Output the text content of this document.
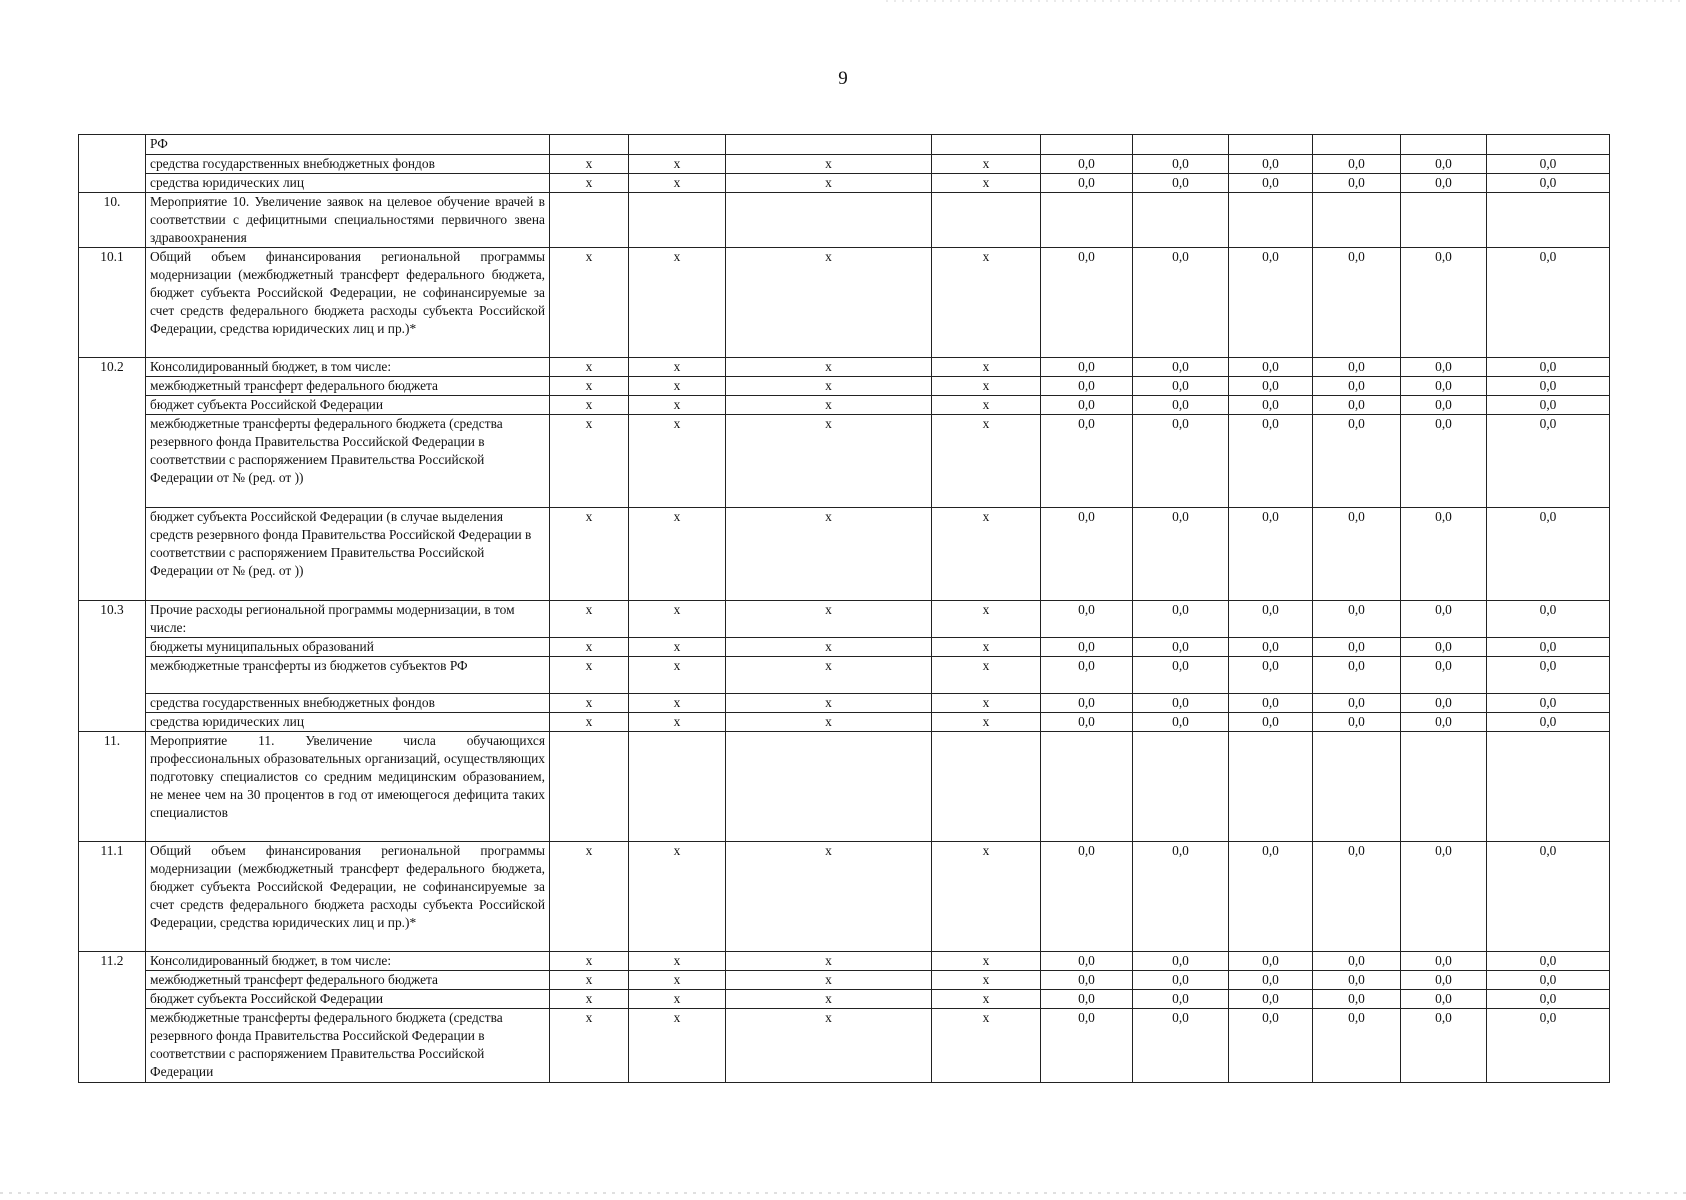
9
	РФ										
	средства государственных внебюджетных фондов	x	x	x	x	0,0	0,0	0,0	0,0	0,0	0,0
	средства юридических лиц	x	x	x	x	0,0	0,0	0,0	0,0	0,0	0,0
10.	Мероприятие 10. Увеличение заявок на целевое обучение врачей в соответствии с дефицитными специальностями первичного звена здравоохранения										
10.1	Общий объем финансирования региональной программы модернизации (межбюджетный трансферт федерального бюджета, бюджет субъекта Российской Федерации, не софинансируемые за счет средств федерального бюджета расходы субъекта Российской Федерации, средства юридических лиц и пр.)*	x	x	x	x	0,0	0,0	0,0	0,0	0,0	0,0
10.2	Консолидированный бюджет, в том числе:	x	x	x	x	0,0	0,0	0,0	0,0	0,0	0,0
	межбюджетный трансферт федерального бюджета	x	x	x	x	0,0	0,0	0,0	0,0	0,0	0,0
	бюджет субъекта Российской Федерации	x	x	x	x	0,0	0,0	0,0	0,0	0,0	0,0
	межбюджетные трансферты федерального бюджета (средства резервного фонда Правительства Российской Федерации в соответствии с распоряжением Правительства Российской Федерации от № (ред. от ))	x	x	x	x	0,0	0,0	0,0	0,0	0,0	0,0
	бюджет субъекта Российской Федерации (в случае выделения средств резервного фонда Правительства Российской Федерации в соответствии с распоряжением Правительства Российской Федерации от № (ред. от ))	x	x	x	x	0,0	0,0	0,0	0,0	0,0	0,0
10.3	Прочие расходы региональной программы модернизации, в том числе:	x	x	x	x	0,0	0,0	0,0	0,0	0,0	0,0
	бюджеты муниципальных образований	x	x	x	x	0,0	0,0	0,0	0,0	0,0	0,0
	межбюджетные трансферты из бюджетов субъектов РФ	x	x	x	x	0,0	0,0	0,0	0,0	0,0	0,0
	средства государственных внебюджетных фондов	x	x	x	x	0,0	0,0	0,0	0,0	0,0	0,0
	средства юридических лиц	x	x	x	x	0,0	0,0	0,0	0,0	0,0	0,0
11.	Мероприятие 11. Увеличение числа обучающихся профессиональных образовательных организаций, осуществляющих подготовку специалистов со средним медицинским образованием, не менее чем на 30 процентов в год от имеющегося дефицита таких специалистов										
11.1	Общий объем финансирования региональной программы модернизации (межбюджетный трансферт федерального бюджета, бюджет субъекта Российской Федерации, не софинансируемые за счет средств федерального бюджета расходы субъекта Российской Федерации, средства юридических лиц и пр.)*	x	x	x	x	0,0	0,0	0,0	0,0	0,0	0,0
11.2	Консолидированный бюджет, в том числе:	x	x	x	x	0,0	0,0	0,0	0,0	0,0	0,0
	межбюджетный трансферт федерального бюджета	x	x	x	x	0,0	0,0	0,0	0,0	0,0	0,0
	бюджет субъекта Российской Федерации	x	x	x	x	0,0	0,0	0,0	0,0	0,0	0,0
	межбюджетные трансферты федерального бюджета (средства резервного фонда Правительства Российской Федерации в соответствии с распоряжением Правительства Российской Федерации	x	x	x	x	0,0	0,0	0,0	0,0	0,0	0,0
